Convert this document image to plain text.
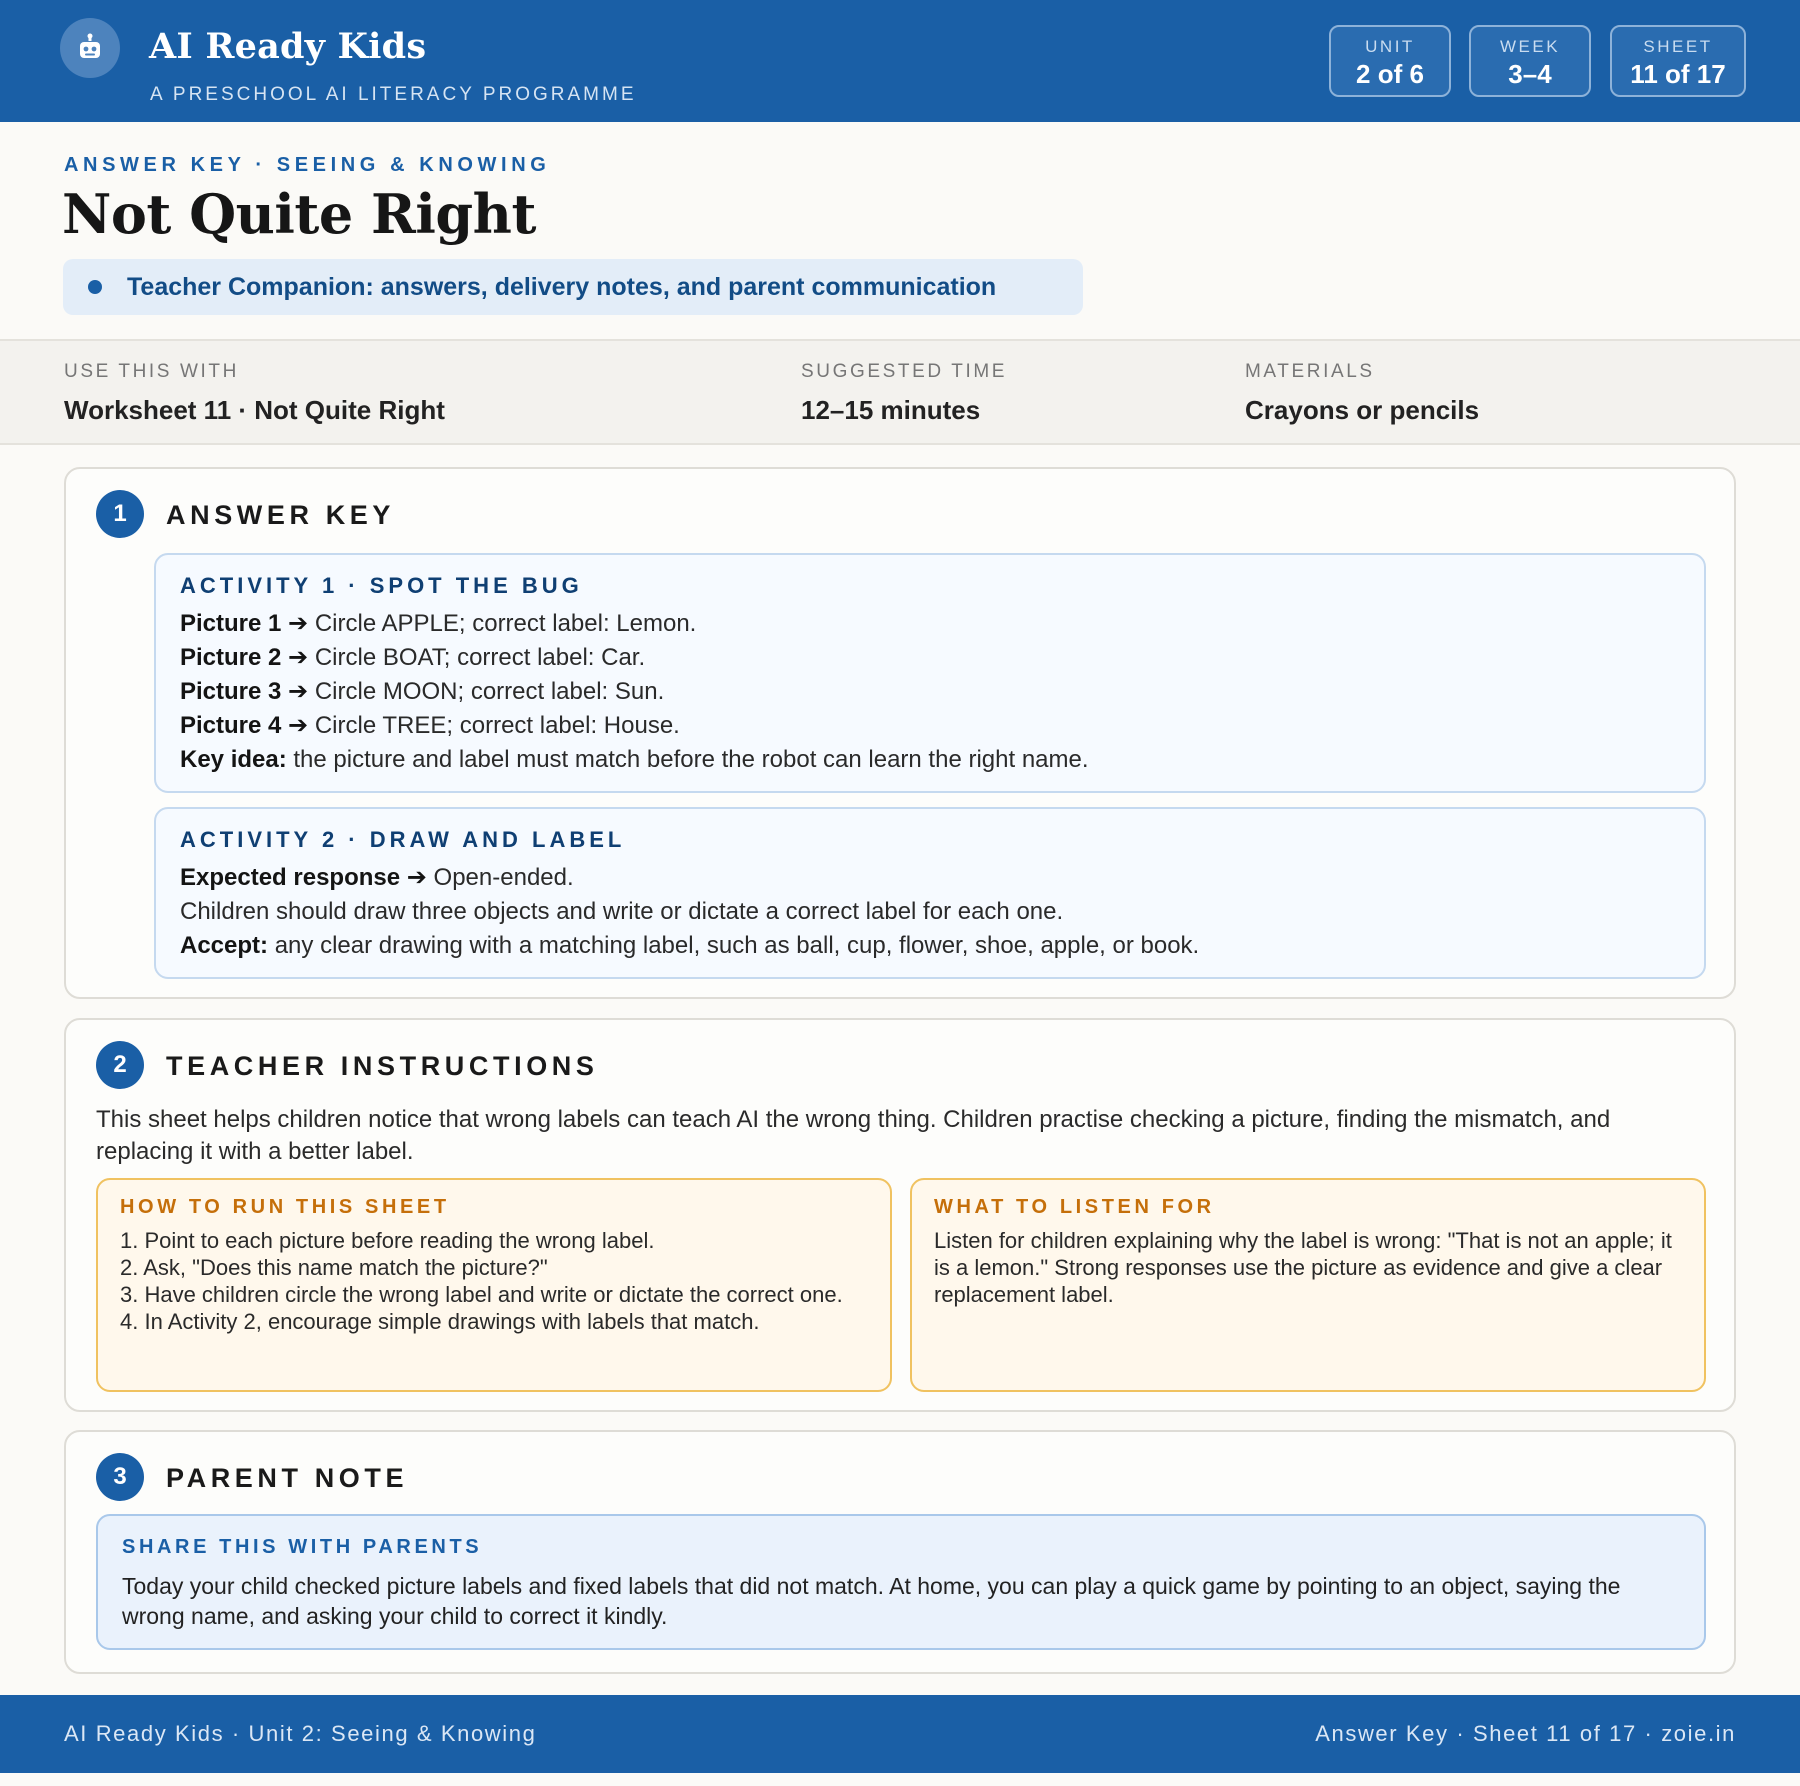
AI Ready Kids
A PRESCHOOL AI LITERACY PROGRAMME
UNIT
2 of 6
WEEK
3–4
SHEET
11 of 17
ANSWER KEY · SEEING & KNOWING
Not Quite Right
Teacher Companion: answers, delivery notes, and parent communication
USE THIS WITH
Worksheet 11 · Not Quite Right
SUGGESTED TIME
12–15 minutes
MATERIALS
Crayons or pencils
1	ANSWER KEY
ACTIVITY 1 · SPOT THE BUG
Picture 1 ➔ Circle APPLE; correct label: Lemon.
Picture 2 ➔ Circle BOAT; correct label: Car.
Picture 3 ➔ Circle MOON; correct label: Sun.
Picture 4 ➔ Circle TREE; correct label: House.
Key idea: the picture and label must match before the robot can learn the right name.
ACTIVITY 2 · DRAW AND LABEL
Expected response ➔ Open-ended.
Children should draw three objects and write or dictate a correct label for each one.
Accept: any clear drawing with a matching label, such as ball, cup, flower, shoe, apple, or book.
2	TEACHER INSTRUCTIONS
This sheet helps children notice that wrong labels can teach AI the wrong thing. Children practise checking a picture, finding the mismatch, and replacing it with a better label.
HOW TO RUN THIS SHEET
1. Point to each picture before reading the wrong label.
2. Ask, "Does this name match the picture?"
3. Have children circle the wrong label and write or dictate the correct one.
4. In Activity 2, encourage simple drawings with labels that match.
WHAT TO LISTEN FOR
Listen for children explaining why the label is wrong: "That is not an apple; it is a lemon." Strong responses use the picture as evidence and give a clear replacement label.
3	PARENT NOTE
SHARE THIS WITH PARENTS
Today your child checked picture labels and fixed labels that did not match. At home, you can play a quick game by pointing to an object, saying the wrong name, and asking your child to correct it kindly.
AI Ready Kids · Unit 2: Seeing & Knowing	Answer Key · Sheet 11 of 17 · zoie.in
